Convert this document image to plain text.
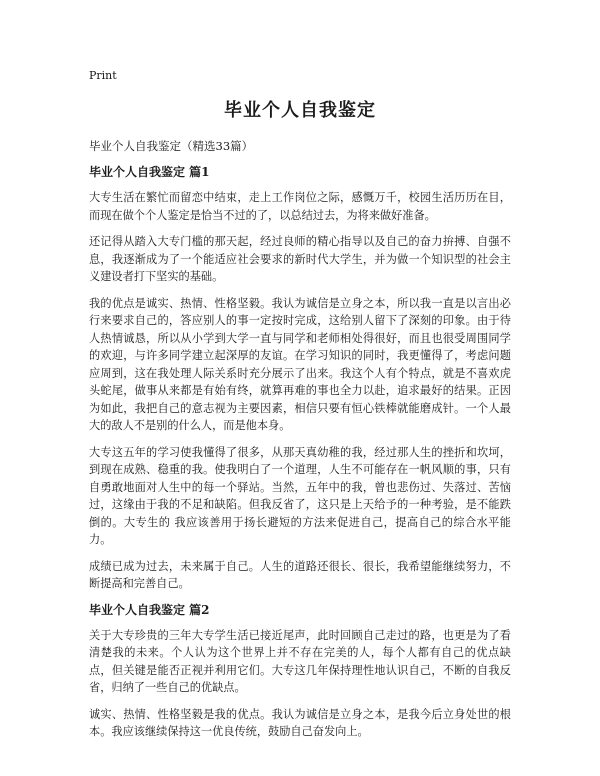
Print
毕业个人自我鉴定
毕业个人自我鉴定（精选33篇）
毕业个人自我鉴定 篇1

大专生活在繁忙而留恋中结束，走上工作岗位之际，感慨万千，校园生活历历在目，而现在做个个人鉴定是恰当不过的了，以总结过去，为将来做好准备。

还记得从踏入大专门槛的那天起，经过良师的精心指导以及自己的奋力拚搏、自强不息，我逐渐成为了一个能适应社会要求的新时代大学生，并为做一个知识型的社会主义建设者打下坚实的基础。

我的优点是诚实、热情、性格坚毅。我认为诚信是立身之本，所以我一直是以言出必行来要求自己的，答应别人的事一定按时完成，这给别人留下了深刻的印象。由于待人热情诚恳，所以从小学到大学一直与同学和老师相处得很好，而且也很受周围同学的欢迎，与许多同学建立起深厚的友谊。在学习知识的同时，我更懂得了，考虑问题应周到，这在我处理人际关系时充分展示了出来。我这个人有个特点，就是不喜欢虎头蛇尾，做事从来都是有始有终，就算再难的事也全力以赴，追求最好的结果。正因为如此，我把自己的意志视为主要因素，相信只要有恒心铁棒就能磨成针。一个人最大的敌人不是别的什么人，而是他本身。

大专这五年的学习使我懂得了很多，从那天真幼稚的我，经过那人生的挫折和坎坷，到现在成熟、稳重的我。使我明白了一个道理，人生不可能存在一帆风顺的事，只有自勇敢地面对人生中的每一个驿站。当然，五年中的我，曾也悲伤过、失落过、苦恼过，这缘由于我的不足和缺陷。但我反省了，这只是上天给予的一种考验，是不能跌倒的。大专生的 我应该善用于扬长避短的方法来促进自己，提高自己的综合水平能力。

成绩已成为过去，未来属于自己。人生的道路还很长、很长，我希望能继续努力，不断提高和完善自己。

毕业个人自我鉴定 篇2

关于大专珍贵的三年大专学生活已接近尾声，此时回顾自己走过的路，也更是为了看清楚我的未来。个人认为这个世界上并不存在完美的人，每个人都有自己的优点缺点，但关键是能否正视并利用它们。大专这几年保持理性地认识自己，不断的自我反省，归纳了一些自己的优缺点。

诚实、热情、性格坚毅是我的优点。我认为诚信是立身之本，是我今后立身处世的根本。我应该继续保持这一优良传统，鼓励自己奋发向上。
